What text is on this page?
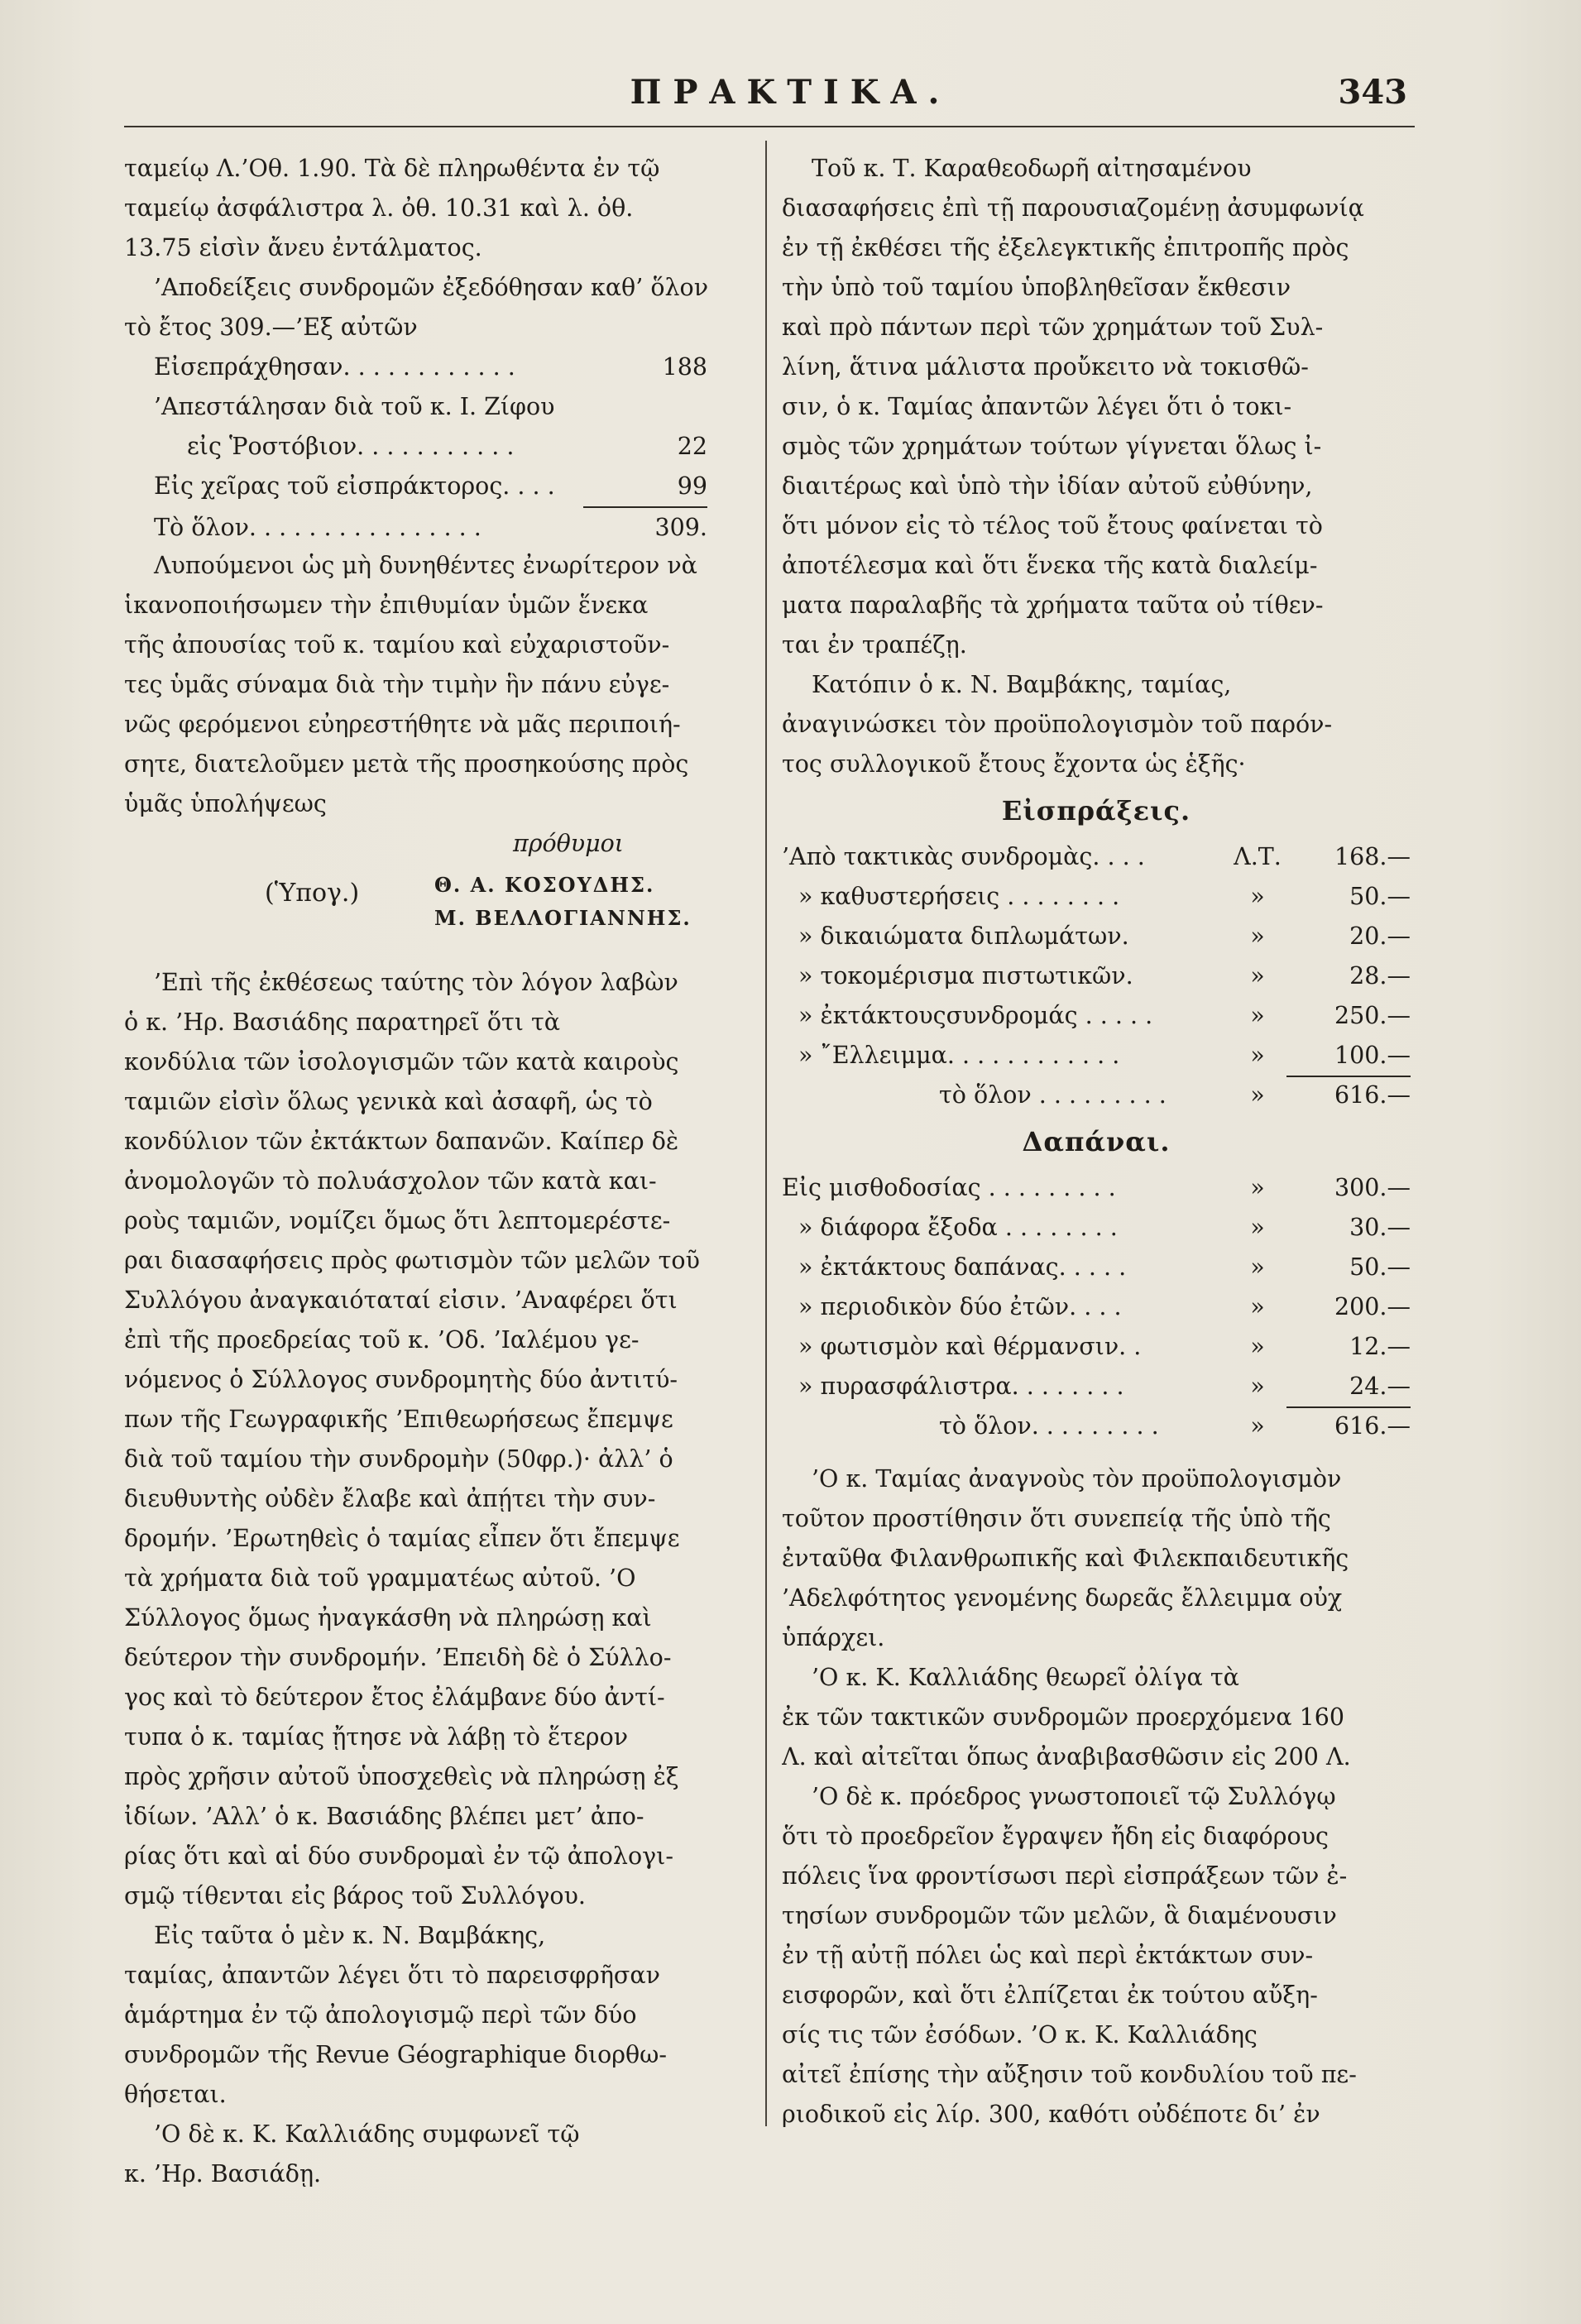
ΠΡΑΚΤΙΚΑ.	343
ταμείῳ Λ.’Οθ. 1.90. Τὰ δὲ πληρωθέντα ἐν τῷ
ταμείῳ ἀσφάλιστρα λ. ὀθ. 10.31 καὶ λ. ὀθ.
13.75 εἰσὶν ἄνευ ἐντάλματος.
’Αποδείξεις συνδρομῶν ἐξεδόθησαν καθ’ ὅλον
τὸ ἔτος 309.—’Εξ αὐτῶν
Εἰσεπράχθησαν. . . . . . . . . . . .	188
’Απεστάλησαν διὰ τοῦ κ. Ι. Ζίφου
εἰς Ῥοστόβιον. . . . . . . . . . .	22
Εἰς χεῖρας τοῦ εἰσπράκτορος. . . .	99
Τὸ ὅλον. . . . . . . . . . . . . . . .	309.
Λυπούμενοι ὡς μὴ δυνηθέντες ἐνωρίτερον νὰ
ἱκανοποιήσωμεν τὴν ἐπιθυμίαν ὑμῶν ἕνεκα
τῆς ἀπουσίας τοῦ κ. ταμίου καὶ εὐχαριστοῦν-
τες ὑμᾶς σύναμα διὰ τὴν τιμὴν ἣν πάνυ εὐγε-
νῶς φερόμενοι εὐηρεστήθητε νὰ μᾶς περιποιή-
σητε, διατελοῦμεν μετὰ τῆς προσηκούσης πρὸς
ὑμᾶς ὑπολήψεως
πρόθυμοι
(Ὑπογ.)	Θ. Α. ΚΟΣΟΥΔΗΣ.
Μ. ΒΕΛΛΟΓΙΑΝΝΗΣ.
’Επὶ τῆς ἐκθέσεως ταύτης τὸν λόγον λαβὼν
ὁ κ. ’Ηρ. Βασιάδης παρατηρεῖ ὅτι τὰ
κονδύλια τῶν ἰσολογισμῶν τῶν κατὰ καιροὺς
ταμιῶν εἰσὶν ὅλως γενικὰ καὶ ἀσαφῆ, ὡς τὸ
κονδύλιον τῶν ἐκτάκτων δαπανῶν. Καίπερ δὲ
ἀνομολογῶν τὸ πολυάσχολον τῶν κατὰ και-
ροὺς ταμιῶν, νομίζει ὅμως ὅτι λεπτομερέστε-
ραι διασαφήσεις πρὸς φωτισμὸν τῶν μελῶν τοῦ
Συλλόγου ἀναγκαιόταταί εἰσιν. ’Αναφέρει ὅτι
ἐπὶ τῆς προεδρείας τοῦ κ. ’Οδ. ’Ιαλέμου γε-
νόμενος ὁ Σύλλογος συνδρομητὴς δύο ἀντιτύ-
πων τῆς Γεωγραφικῆς ’Επιθεωρήσεως ἔπεμψε
διὰ τοῦ ταμίου τὴν συνδρομὴν (50φρ.)· ἀλλ’ ὁ
διευθυντὴς οὐδὲν ἔλαβε καὶ ἀπῄτει τὴν συν-
δρομήν. ’Ερωτηθεὶς ὁ ταμίας εἶπεν ὅτι ἔπεμψε
τὰ χρήματα διὰ τοῦ γραμματέως αὐτοῦ. ’Ο
Σύλλογος ὅμως ἠναγκάσθη νὰ πληρώσῃ καὶ
δεύτερον τὴν συνδρομήν. ’Επειδὴ δὲ ὁ Σύλλο-
γος καὶ τὸ δεύτερον ἔτος ἐλάμβανε δύο ἀντί-
τυπα ὁ κ. ταμίας ᾔτησε νὰ λάβῃ τὸ ἕτερον
πρὸς χρῆσιν αὐτοῦ ὑποσχεθεὶς νὰ πληρώσῃ ἐξ
ἰδίων. ’Αλλ’ ὁ κ. Βασιάδης βλέπει μετ’ ἀπο-
ρίας ὅτι καὶ αἱ δύο συνδρομαὶ ἐν τῷ ἀπολογι-
σμῷ τίθενται εἰς βάρος τοῦ Συλλόγου.
Εἰς ταῦτα ὁ μὲν κ. Ν. Βαμβάκης,
ταμίας, ἀπαντῶν λέγει ὅτι τὸ παρεισφρῆσαν
ἁμάρτημα ἐν τῷ ἀπολογισμῷ περὶ τῶν δύο
συνδρομῶν τῆς Revue Géographique διορθω-
θήσεται.
’Ο δὲ κ. Κ. Καλλιάδης συμφωνεῖ τῷ
κ. ’Ηρ. Βασιάδῃ.
Τοῦ κ. Τ. Καραθεοδωρῆ αἰτησαμένου
διασαφήσεις ἐπὶ τῇ παρουσιαζομένῃ ἀσυμφωνίᾳ
ἐν τῇ ἐκθέσει τῆς ἐξελεγκτικῆς ἐπιτροπῆς πρὸς
τὴν ὑπὸ τοῦ ταμίου ὑποβληθεῖσαν ἔκθεσιν
καὶ πρὸ πάντων περὶ τῶν χρημάτων τοῦ Συλ-
λίνη, ἅτινα μάλιστα προὔκειτο νὰ τοκισθῶ-
σιν, ὁ κ. Ταμίας ἀπαντῶν λέγει ὅτι ὁ τοκι-
σμὸς τῶν χρημάτων τούτων γίγνεται ὅλως ἰ-
διαιτέρως καὶ ὑπὸ τὴν ἰδίαν αὐτοῦ εὐθύνην,
ὅτι μόνον εἰς τὸ τέλος τοῦ ἔτους φαίνεται τὸ
ἀποτέλεσμα καὶ ὅτι ἕνεκα τῆς κατὰ διαλείμ-
ματα παραλαβῆς τὰ χρήματα ταῦτα οὐ τίθεν-
ται ἐν τραπέζῃ.
Κατόπιν ὁ κ. Ν. Βαμβάκης, ταμίας,
ἀναγινώσκει τὸν προϋπολογισμὸν τοῦ παρόν-
τος συλλογικοῦ ἔτους ἔχοντα ὡς ἑξῆς·
Εἰσπράξεις.
’Απὸ τακτικὰς συνδρομὰς. . . .	Λ.Τ.	168.—
» καθυστερήσεις . . . . . . . .	»	50.—
» δικαιώματα διπλωμάτων.	»	20.—
» τοκομέρισμα πιστωτικῶν.	»	28.—
» ἐκτάκτουςσυνδρομάς . . . . .	»	250.—
» ῎Ελλειμμα. . . . . . . . . . . .	»	100.—
τὸ ὅλον . . . . . . . . .	»	616.—
Δαπάναι.
Εἰς μισθοδοσίας . . . . . . . . .	»	300.—
» διάφορα ἔξοδα . . . . . . . .	»	30.—
» ἐκτάκτους δαπάνας. . . . .	»	50.—
» περιοδικὸν δύο ἐτῶν. . . .	»	200.—
» φωτισμὸν καὶ θέρμανσιν. .	»	12.—
» πυρασφάλιστρα. . . . . . . .	»	24.—
τὸ ὅλον. . . . . . . . .	»	616.—
’Ο κ. Ταμίας ἀναγνοὺς τὸν προϋπολογισμὸν
τοῦτον προστίθησιν ὅτι συνεπείᾳ τῆς ὑπὸ τῆς
ἐνταῦθα Φιλανθρωπικῆς καὶ Φιλεκπαιδευτικῆς
’Αδελφότητος γενομένης δωρεᾶς ἔλλειμμα οὐχ
ὑπάρχει.
’Ο κ. Κ. Καλλιάδης θεωρεῖ ὀλίγα τὰ
ἐκ τῶν τακτικῶν συνδρομῶν προερχόμενα 160
Λ. καὶ αἰτεῖται ὅπως ἀναβιβασθῶσιν εἰς 200 Λ.
’Ο δὲ κ. πρόεδρος γνωστοποιεῖ τῷ Συλλόγῳ
ὅτι τὸ προεδρεῖον ἔγραψεν ἤδη εἰς διαφόρους
πόλεις ἵνα φροντίσωσι περὶ εἰσπράξεων τῶν ἐ-
τησίων συνδρομῶν τῶν μελῶν, ἃ διαμένουσιν
ἐν τῇ αὐτῇ πόλει ὡς καὶ περὶ ἐκτάκτων συν-
εισφορῶν, καὶ ὅτι ἐλπίζεται ἐκ τούτου αὔξη-
σίς τις τῶν ἐσόδων. ’Ο κ. Κ. Καλλιάδης
αἰτεῖ ἐπίσης τὴν αὔξησιν τοῦ κονδυλίου τοῦ πε-
ριοδικοῦ εἰς λίρ. 300, καθότι οὐδέποτε δι’ ἐν
